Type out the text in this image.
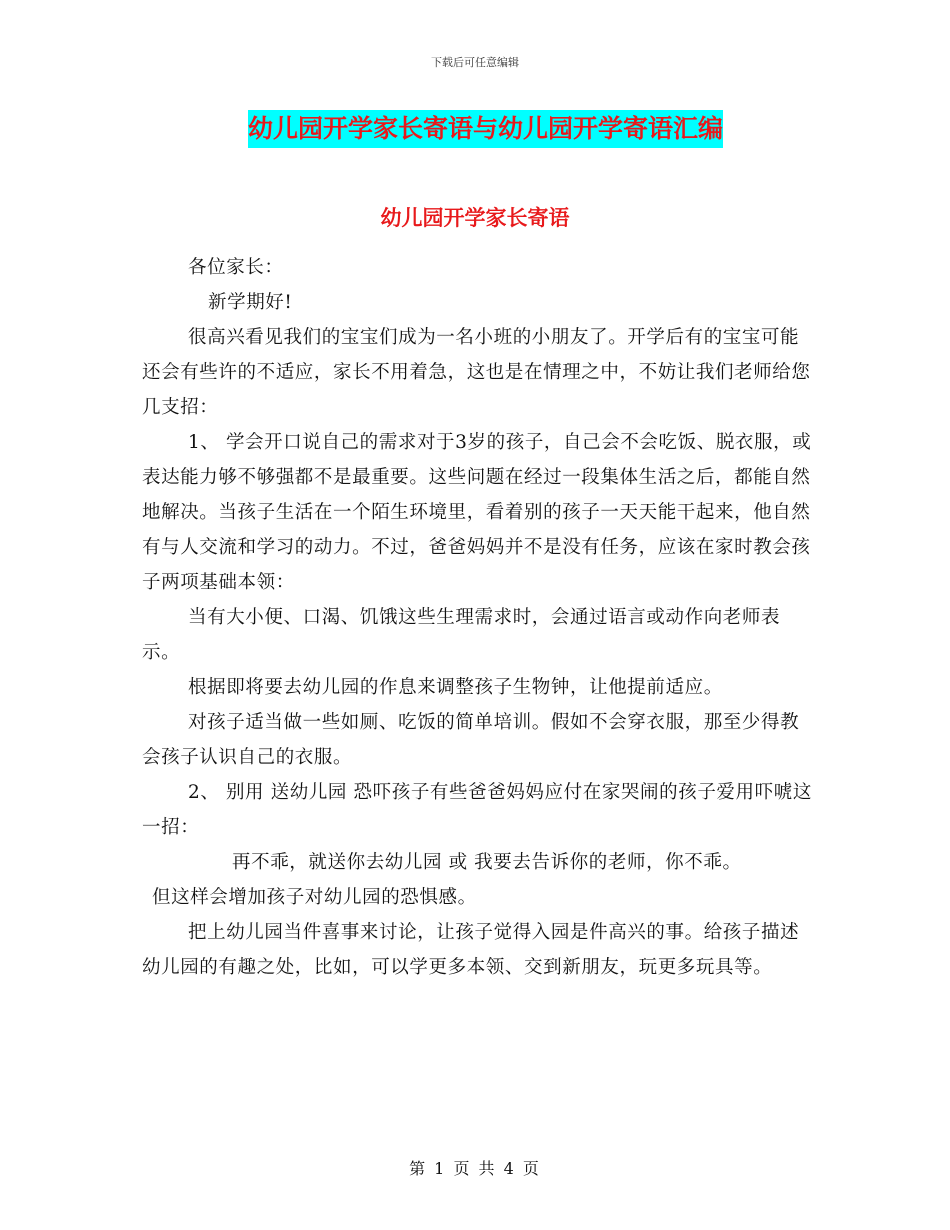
下载后可任意编辑
幼儿园开学家长寄语与幼儿园开学寄语汇编
幼儿园开学家长寄语

各位家长：

新学期好!

很高兴看见我们的宝宝们成为一名小班的小朋友了。开学后有的宝宝可能还会有些许的不适应，家长不用着急，这也是在情理之中，不妨让我们老师给您几支招：

1、 学会开口说自己的需求对于3岁的孩子，自己会不会吃饭、脱衣服，或表达能力够不够强都不是最重要。这些问题在经过一段集体生活之后，都能自然地解决。当孩子生活在一个陌生环境里，看着别的孩子一天天能干起来，他自然有与人交流和学习的动力。不过，爸爸妈妈并不是没有任务，应该在家时教会孩子两项基础本领：

当有大小便、口渴、饥饿这些生理需求时，会通过语言或动作向老师表示。

根据即将要去幼儿园的作息来调整孩子生物钟，让他提前适应。

对孩子适当做一些如厕、吃饭的简单培训。假如不会穿衣服，那至少得教会孩子认识自己的衣服。

2、 别用 送幼儿园 恐吓孩子有些爸爸妈妈应付在家哭闹的孩子爱用吓唬这一招：

再不乖，就送你去幼儿园 或 我要去告诉你的老师，你不乖。

但这样会增加孩子对幼儿园的恐惧感。

把上幼儿园当件喜事来讨论，让孩子觉得入园是件高兴的事。给孩子描述幼儿园的有趣之处，比如，可以学更多本领、交到新朋友，玩更多玩具等。

第 1 页 共 4 页
